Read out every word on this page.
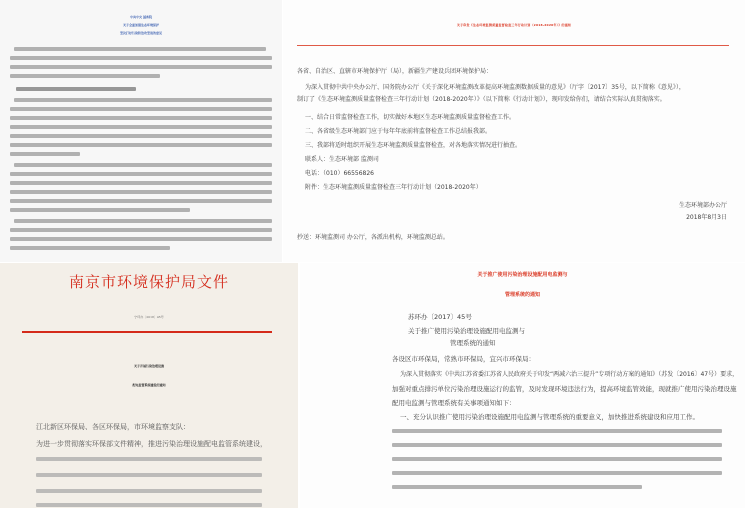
中共中央 国务院
关于全面加强生态环境保护
坚决打好污染防治攻坚战的意见
关于印发《生态环境监测质量监督检查三年行动计划（2018-2020年）》的通知
各省、自治区、直辖市环境保护厅（局），新疆生产建设兵团环境保护局：
为深入贯彻中共中央办公厅、国务院办公厅《关于深化环境监测改革提高环境监测数据质量的意见》（厅字〔2017〕35号，以下简称《意见》），
制订了《生态环境监测质量监督检查三年行动计划（2018-2020年）》（以下简称《行动计划》），现印发给你们，请结合实际认真贯彻落实。
一、结合日常监督检查工作，切实做好本地区生态环境监测质量监督检查工作。
二、各省级生态环境部门应于每年年底前将监督检查工作总结报我部。
三、我部将适时组织开展生态环境监测质量监督检查，对各地落实情况进行抽查。
联系人：生态环境部 监测司
电话：（010）66556826
附件：生态环境监测质量监督检查三年行动计划（2018-2020年）
生态环境部办公厅
2018年8月3日
抄送：环境监测司 办公厅，各派出机构，环境监测总站。
南京市环境保护局文件
宁环办〔2018〕45号
关于开展污染治理设施
配电监管系统建设的通知
江北新区环保局、各区环保局，市环境监察支队：
为进一步贯彻落实环保部文件精神，推进污染治理设施配电监管系统建设，
关于推广使用污染治理设施配用电监测与
管理系统的通知
苏环办〔2017〕45号
关于推广使用污染治理设施配用电监测与
管理系统的通知
各设区市环保局，常熟市环保局，宜兴市环保局：
为深入贯彻落实《中共江苏省委江苏省人民政府关于印发“两减六治三提升”专项行动方案的通知》（苏发〔2016〕47号）要求，
加强对重点排污单位污染治理设施运行的监管，及时发现环境违法行为，提高环境监管效能，现就推广使用污染治理设施
配用电监测与管理系统有关事项通知如下：
一、充分认识推广使用污染治理设施配用电监测与管理系统的重要意义，加快推进系统建设和应用工作。
